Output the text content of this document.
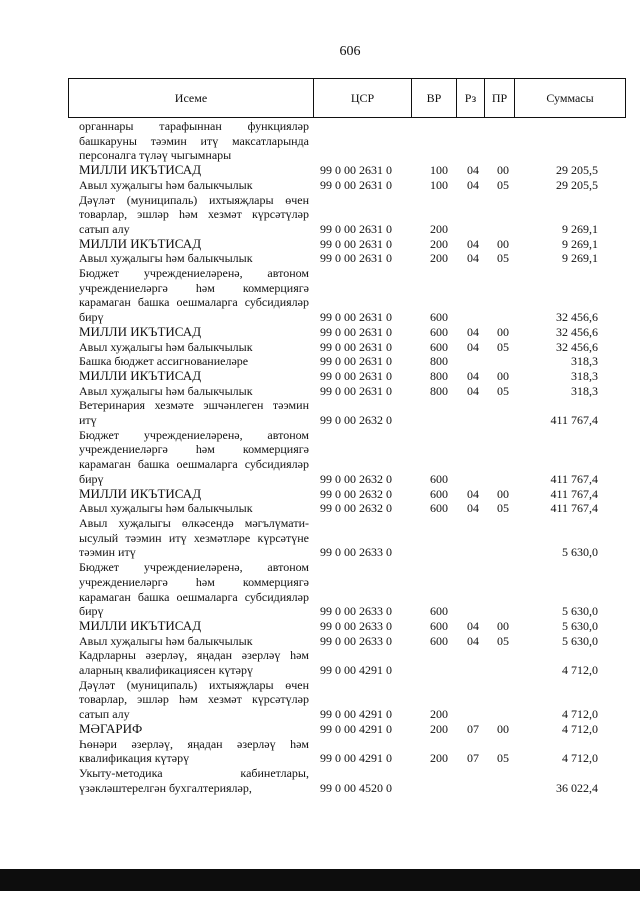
606
Исеме	ЦСР	ВР	Рз	ПР	Суммасы
органнары тарафыннан функцияләр башкаруны тәэмин итү максатларында персоналга түләү чыгымнары					

МИЛЛИ ИКЪТИСАД	99 0 00 2631 0	100	04	00	29 205,5

Авыл хуҗалыгы һәм балыкчылык	99 0 00 2631 0	100	04	05	29 205,5

Дәүләт (муниципаль) ихтыяҗлары өчен товарлар, эшләр һәм хезмәт күрсәтүләр сатып алу	99 0 00 2631 0	200			9 269,1

МИЛЛИ ИКЪТИСАД	99 0 00 2631 0	200	04	00	9 269,1

Авыл хуҗалыгы һәм балыкчылык	99 0 00 2631 0	200	04	05	9 269,1

Бюджет учреждениеләренә, автоном учреждениеләргә һәм коммерциягә карамаган башка оешмаларга субсидияләр бирү	99 0 00 2631 0	600			32 456,6

МИЛЛИ ИКЪТИСАД	99 0 00 2631 0	600	04	00	32 456,6

Авыл хуҗалыгы һәм балыкчылык	99 0 00 2631 0	600	04	05	32 456,6

Башка бюджет ассигнованиеләре	99 0 00 2631 0	800			318,3

МИЛЛИ ИКЪТИСАД	99 0 00 2631 0	800	04	00	318,3

Авыл хуҗалыгы һәм балыкчылык	99 0 00 2631 0	800	04	05	318,3

Ветеринария хезмәте эшчәнлеген тәэмин итү	99 0 00 2632 0				411 767,4

Бюджет учреждениеләренә, автоном учреждениеләргә һәм коммерциягә карамаган башка оешмаларга субсидияләр бирү	99 0 00 2632 0	600			411 767,4

МИЛЛИ ИКЪТИСАД	99 0 00 2632 0	600	04	00	411 767,4

Авыл хуҗалыгы һәм балыкчылык	99 0 00 2632 0	600	04	05	411 767,4

Авыл хуҗалыгы өлкәсендә мәгълүмати-ысулый тәэмин итү хезмәтләре күрсәтүне тәэмин итү	99 0 00 2633 0				5 630,0

Бюджет учреждениеләренә, автоном учреждениеләргә һәм коммерциягә карамаган башка оешмаларга субсидияләр бирү	99 0 00 2633 0	600			5 630,0

МИЛЛИ ИКЪТИСАД	99 0 00 2633 0	600	04	00	5 630,0

Авыл хуҗалыгы һәм балыкчылык	99 0 00 2633 0	600	04	05	5 630,0

Кадрларны әзерләү, яңадан әзерләү һәм аларның квалификациясен күтәрү	99 0 00 4291 0				4 712,0

Дәүләт (муниципаль) ихтыяҗлары өчен товарлар, эшләр һәм хезмәт күрсәтүләр сатып алу	99 0 00 4291 0	200			4 712,0

МӘГАРИФ	99 0 00 4291 0	200	07	00	4 712,0

Һөнәри әзерләү, яңадан әзерләү һәм квалификация күтәрү	99 0 00 4291 0	200	07	05	4 712,0

Укыту-методика кабинетлары, үзәкләштерелгән бухгалтерияләр,	99 0 00 4520 0				36 022,4
